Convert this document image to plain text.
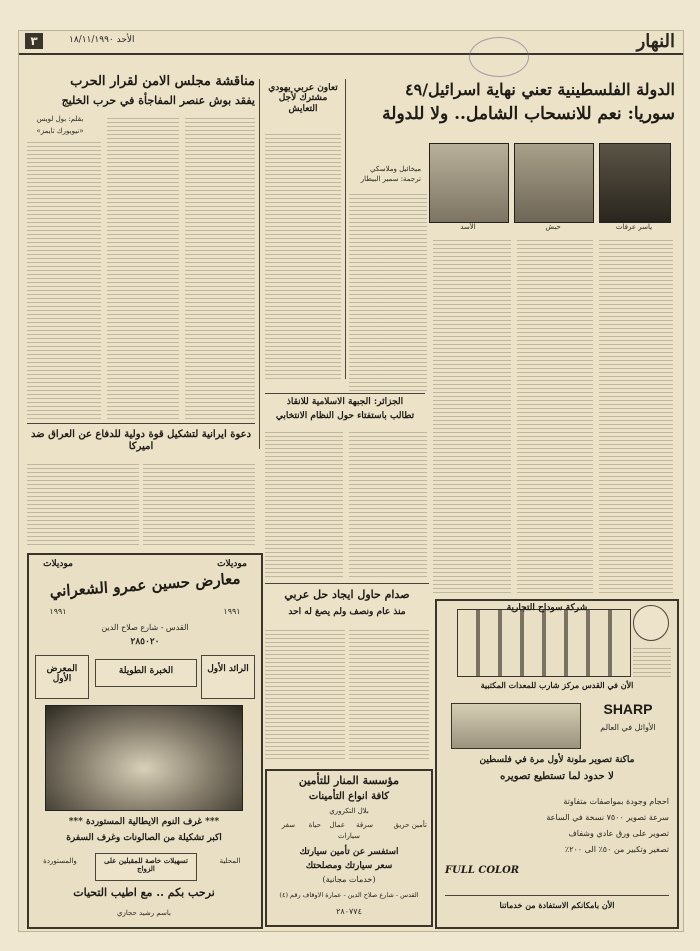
٣	الأحد ١٨/١١/١٩٩٠	النهار
الدولة الفلسطينية تعني نهاية اسرائيل/٤٩
سوريا: نعم للانسحاب الشامل.. ولا للدولة
ياسر عرفات
حبش
الأسد
ميخائيل وملاسكي
ترجمة: سمير البيطار
تعاون عربي يهودي مشترك لأجل التعايش
مناقشة مجلس الامن لقرار الحرب
يفقد بوش عنصر المفاجأة في حرب الخليج
بقلم: بول لويس
«نيويورك تايمز»
دعوة ايرانية لتشكيل قوة دولية للدفاع عن العراق ضد اميركا
الجزائر: الجبهة الاسلامية للانقاذ
تطالب باستفتاء حول النظام الانتخابي
صدام حاول ايجاد حل عربي
منذ عام ونصف ولم يصغ له احد
موديلات	موديلات
معارض حسين عمرو الشعراني
١٩٩١	١٩٩١
القدس - شارع صلاح الدين
٢٨٥٠٢٠
المعرض الأول
الخبرة الطويلة	الرائد الأول
*** غرف النوم الايطالية المستوردة ***
اكبر تشكيلة من الصالونات وغرف السفرة
والمستوردة	تسهيلات خاصة للمقبلين على الزواج
المحلية
نرحب بكم .. مع اطيب التحيات
باسم رشيد حجازي
مؤسسة المنار للتأمين
كافة انواع التأمينات
بلال التكروري
تأمين حريق
سرقة
عمال
حياة
سفر
سيارات
استفسر عن تأمين سيارتك
سعر سيارتك ومصلحتك
(خدمات مجانية)
القدس - شارع صلاح الدين - عمارة الاوقاف رقم (٤)
٢٨٠٧٧٤
شركة سوداح التجارية
الأن في القدس مركز شارب للمعدات المكتبية
SHARP
الأوائل في العالم
ماكنة تصوير ملونة لأول مرة في فلسطين
لا حدود لما تستطيع تصويره
احجام وجودة بمواصفات متفاوتة
سرعة تصوير ٧٥٠٠ نسخة في الساعة
تصوير على ورق عادي وشفاف
تصغير وتكبير من ٥٠٪ الى ٢٠٠٪
FULL COLOR
الأن بامكانكم الاستفادة من خدماتنا
